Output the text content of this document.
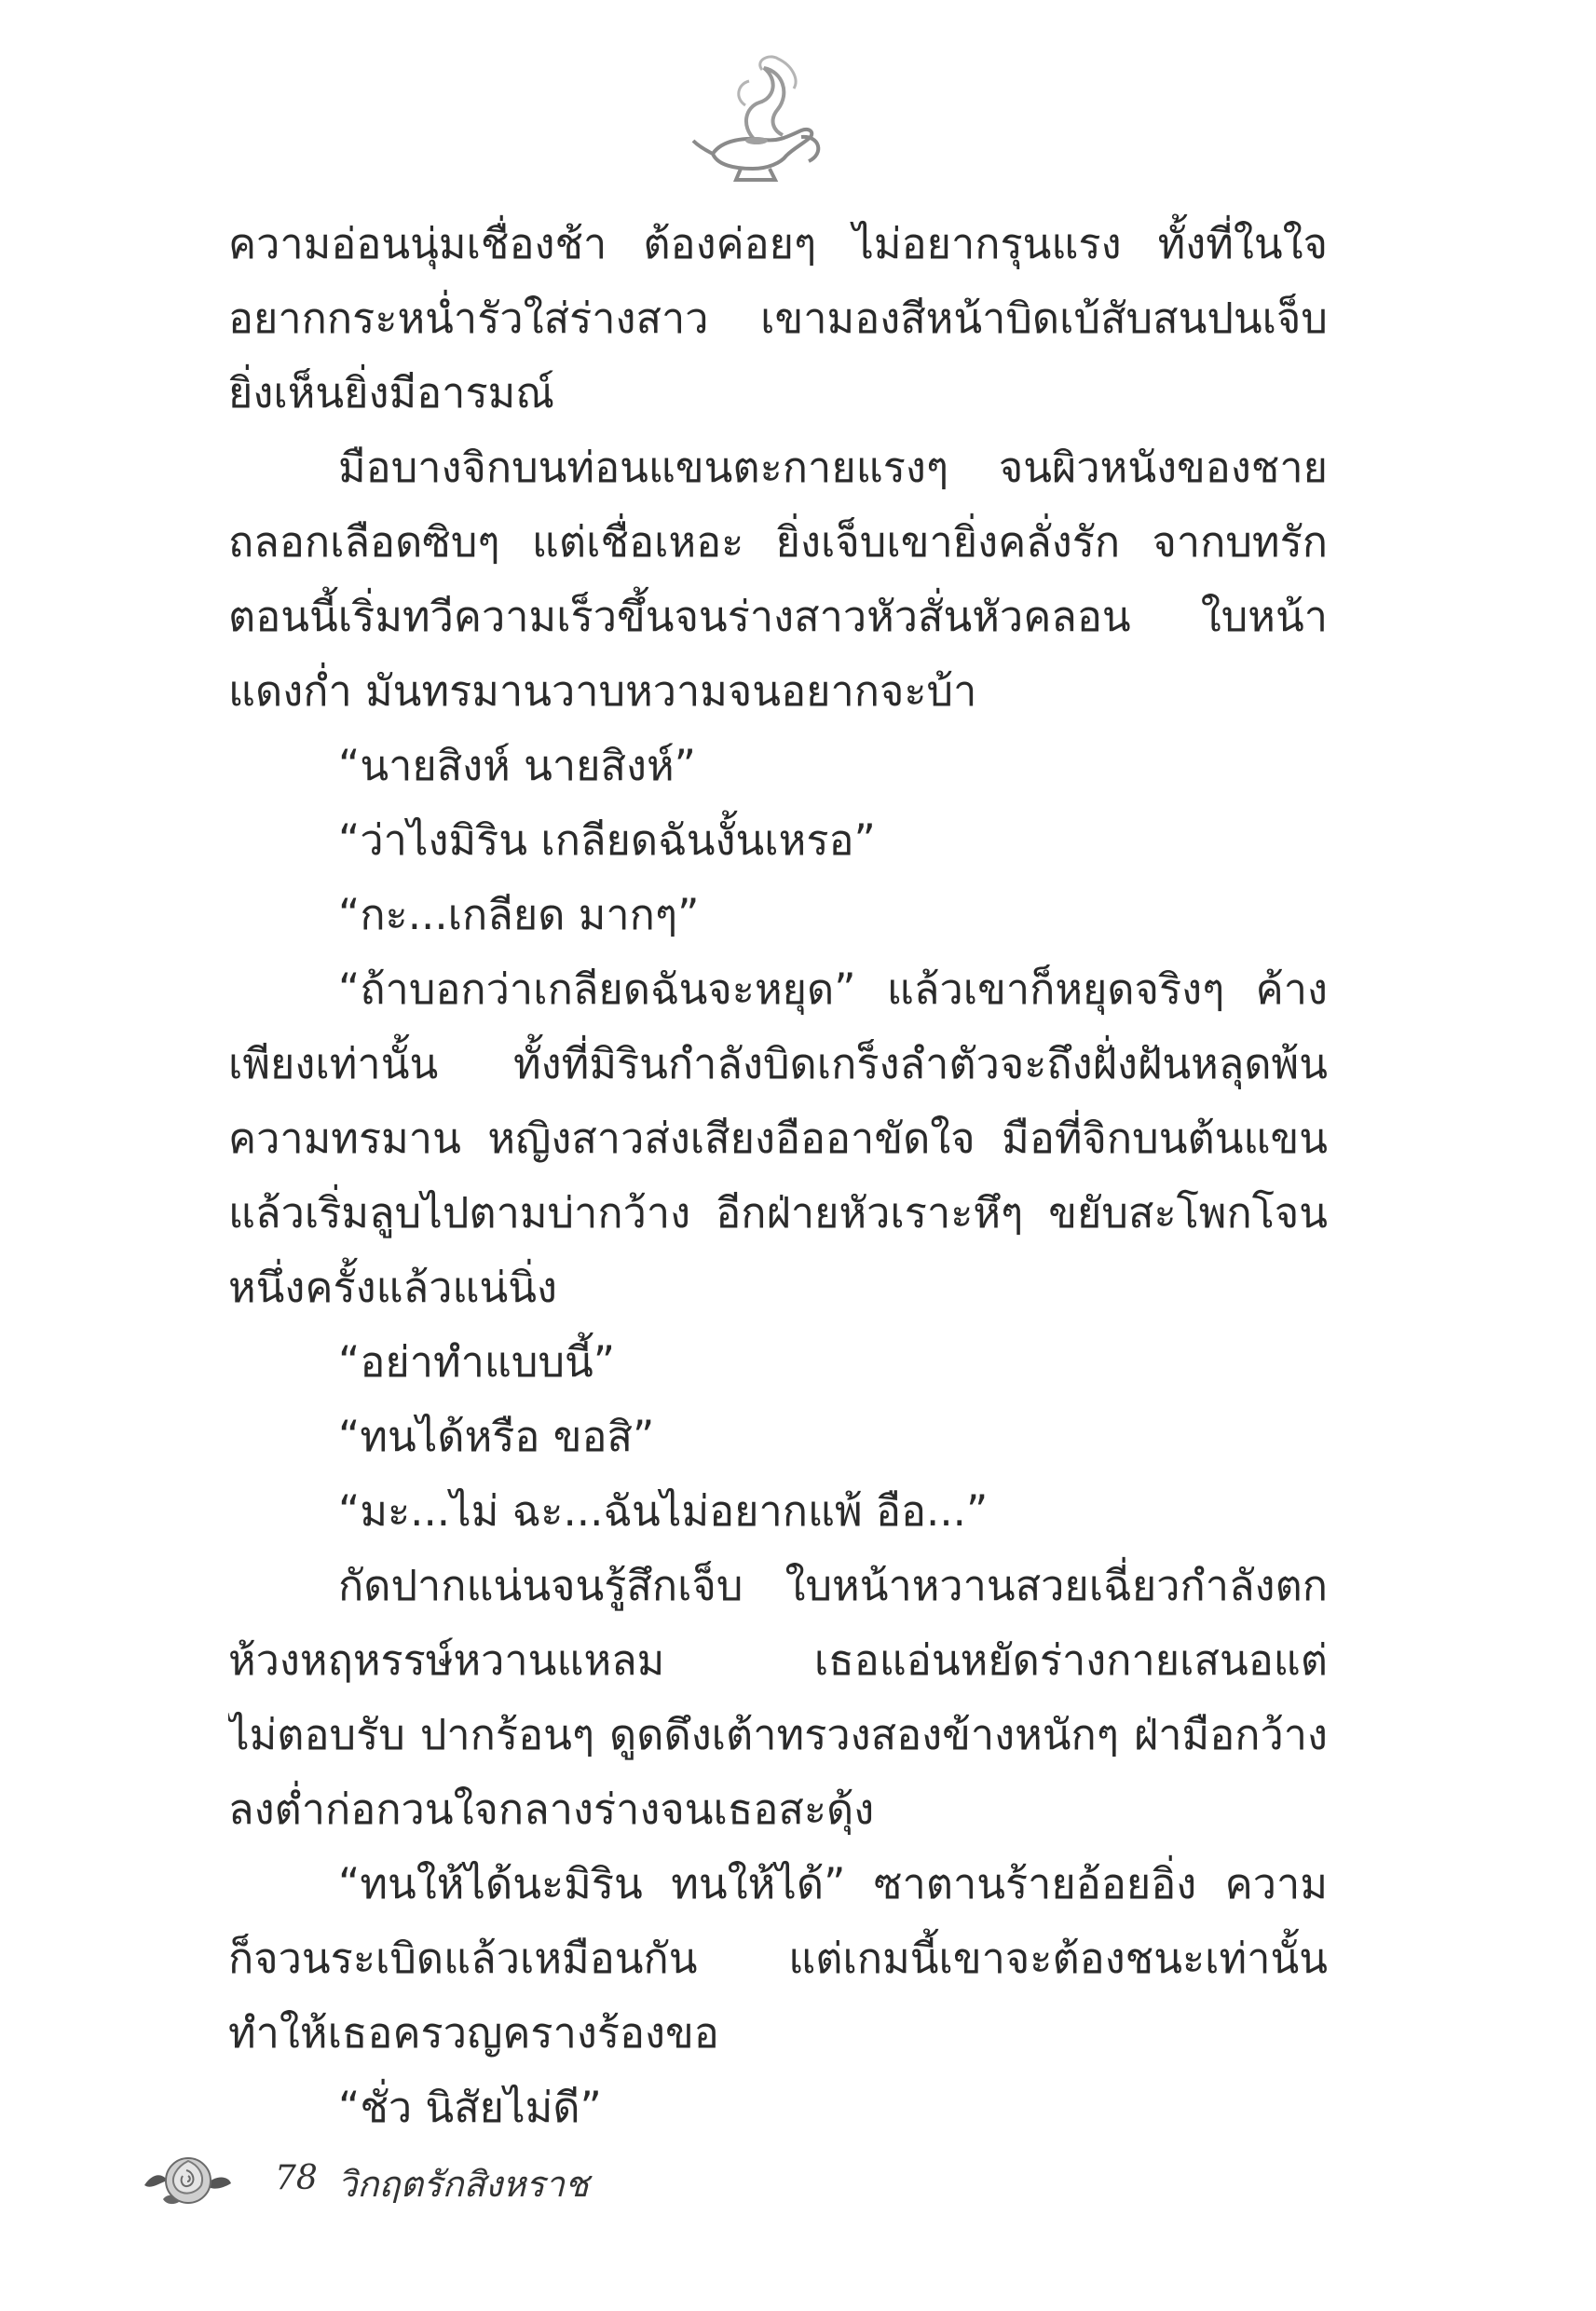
ความอ่อนนุ่มเชื่องช้า ต้องค่อยๆ ไม่อยากรุนแรง ทั้งที่ในใจ
อยากกระหน่ำรัวใส่ร่างสาว เขามองสีหน้าบิดเบ้สับสนปนเจ็บ
ยิ่งเห็นยิ่งมีอารมณ์
มือบางจิกบนท่อนแขนตะกายแรงๆ จนผิวหนังของชาย
ถลอกเลือดซิบๆ แต่เชื่อเหอะ ยิ่งเจ็บเขายิ่งคลั่งรัก จากบทรัก
ตอนนี้เริ่มทวีความเร็วขึ้นจนร่างสาวหัวสั่นหัวคลอน ใบหน้า
แดงก่ำ มันทรมานวาบหวามจนอยากจะบ้า
“นายสิงห์ นายสิงห์”
“ว่าไงมิริน เกลียดฉันงั้นเหรอ”
“กะ...เกลียด มากๆ”
“ถ้าบอกว่าเกลียดฉันจะหยุด” แล้วเขาก็หยุดจริงๆ ค้าง
เพียงเท่านั้น ทั้งที่มิรินกำลังบิดเกร็งลำตัวจะถึงฝั่งฝันหลุดพ้น
ความทรมาน หญิงสาวส่งเสียงอืออาขัดใจ มือที่จิกบนต้นแขน
แล้วเริ่มลูบไปตามบ่ากว้าง อีกฝ่ายหัวเราะหึๆ ขยับสะโพกโจน
หนึ่งครั้งแล้วแน่นิ่ง
“อย่าทำแบบนี้”
“ทนได้หรือ ขอสิ”
“มะ...ไม่ ฉะ...ฉันไม่อยากแพ้ อือ...”
กัดปากแน่นจนรู้สึกเจ็บ ใบหน้าหวานสวยเฉี่ยวกำลังตก
ห้วงหฤหรรษ์หวานแหลม เธอแอ่นหยัดร่างกายเสนอแต่
ไม่ตอบรับ ปากร้อนๆ ดูดดึงเต้าทรวงสองข้างหนักๆ ฝ่ามือกว้าง
ลงต่ำก่อกวนใจกลางร่างจนเธอสะดุ้ง
“ทนให้ได้นะมิริน ทนให้ได้” ซาตานร้ายอ้อยอิ่ง ความ
ก็จวนระเบิดแล้วเหมือนกัน แต่เกมนี้เขาจะต้องชนะเท่านั้น
ทำให้เธอครวญครางร้องขอ
“ชั่ว นิสัยไม่ดี”
78 วิกฤตรักสิงหราช
